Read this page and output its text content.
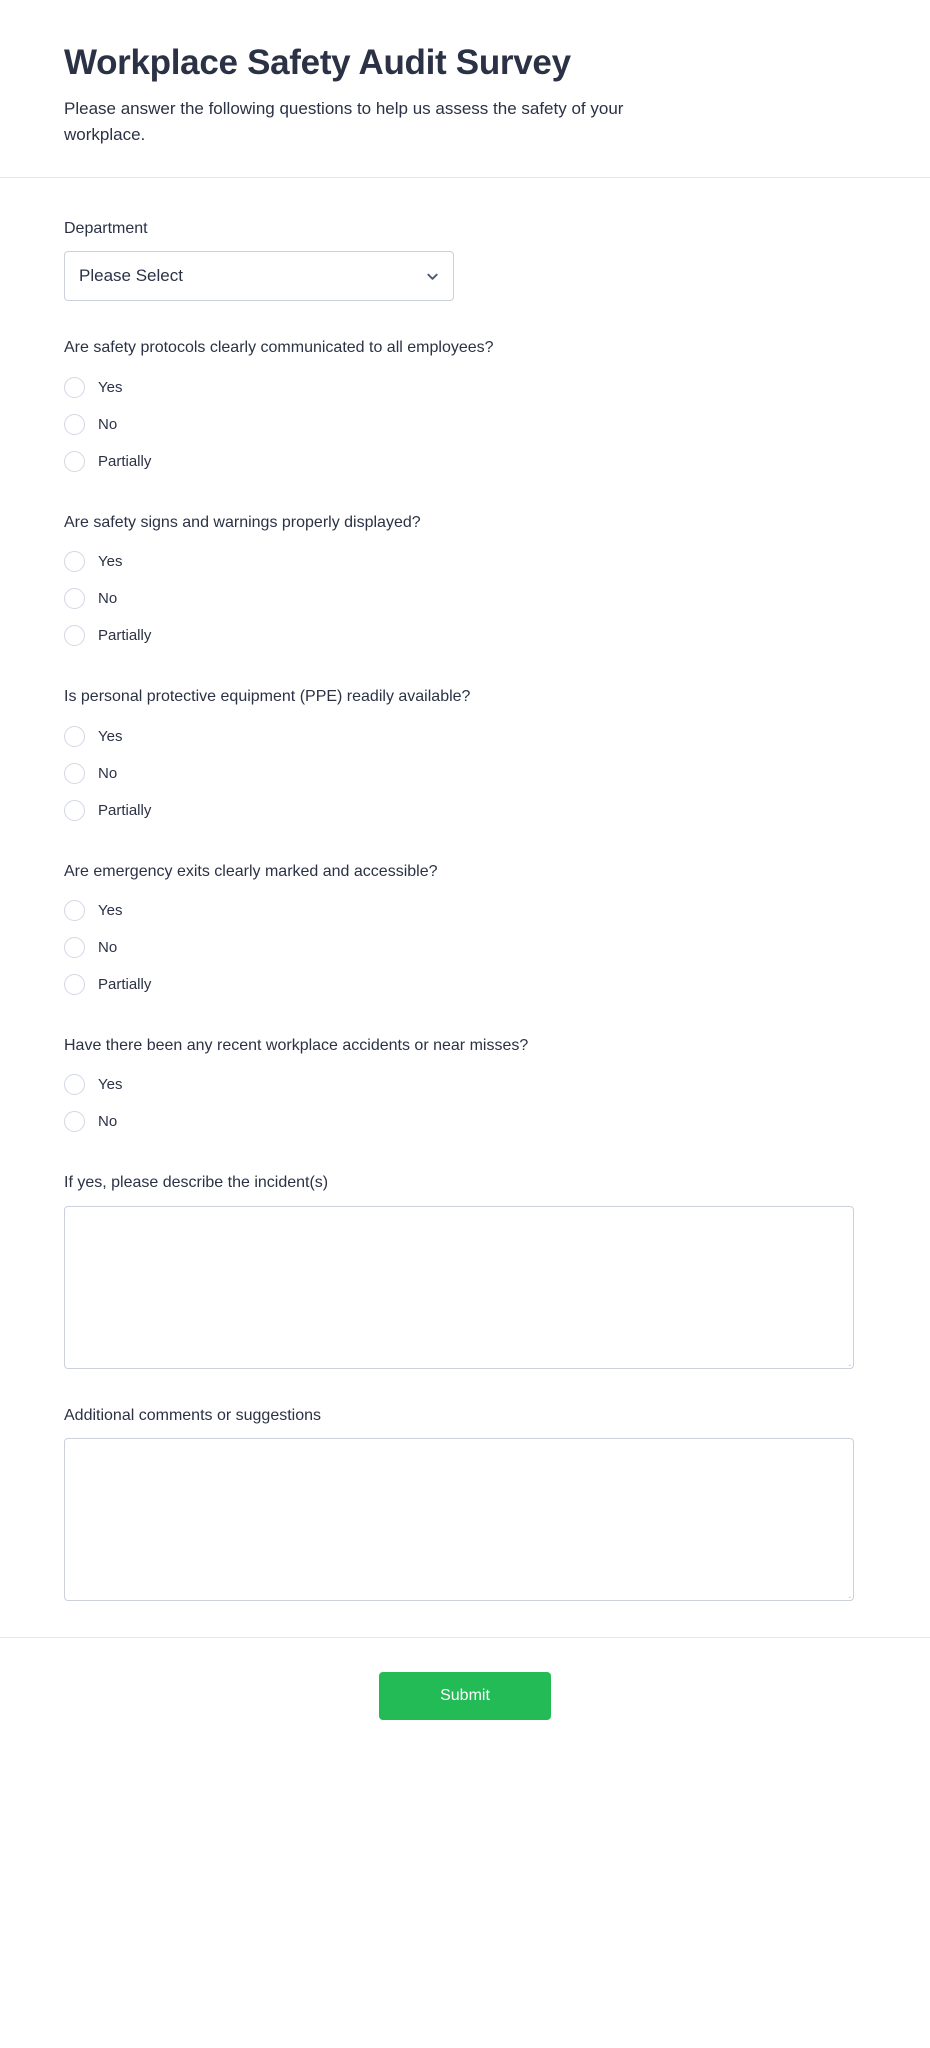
Workplace Safety Audit Survey

Please answer the following questions to help us assess the safety of your workplace.

Department
Please Select
Are safety protocols clearly communicated to all employees?
Yes
No
Partially
Are safety signs and warnings properly displayed?
Yes
No
Partially
Is personal protective equipment (PPE) readily available?
Yes
No
Partially
Are emergency exits clearly marked and accessible?
Yes
No
Partially
Have there been any recent workplace accidents or near misses?
Yes
No
If yes, please describe the incident(s)
Additional comments or suggestions
Submit
